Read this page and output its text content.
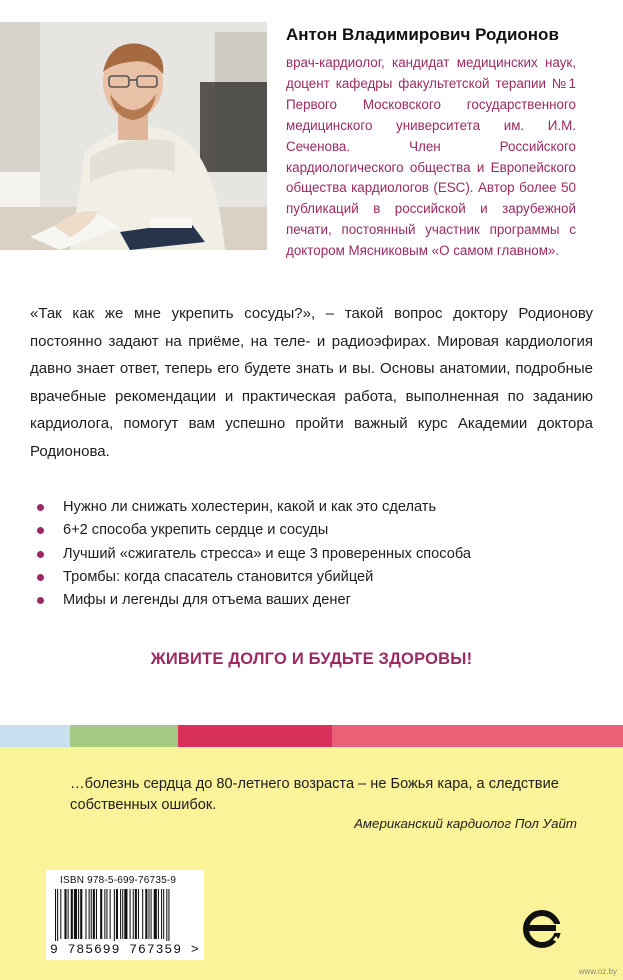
Антон Владимирович Родионов
врач-кардиолог, кандидат медицинских наук, доцент кафедры факультетской терапии №1 Первого Московского государственного медицинского университета им. И.М. Сеченова. Член Российского кардиологического общества и Европейского общества кардиологов (ESC). Автор более 50 публикаций в российской и зарубежной печати, постоянный участник программы с доктором Мясниковым «О самом главном».
«Так как же мне укрепить сосуды?», – такой вопрос доктору Родионову постоянно задают на приёме, на теле- и радиоэфирах. Мировая кардиология давно знает ответ, теперь его будете знать и вы. Основы анатомии, подробные врачебные рекомендации и практическая работа, выполненная по заданию кардиолога, помогут вам успешно пройти важный курс Академии доктора Родионова.
Нужно ли снижать холестерин, какой и как это сделать
6+2 способа укрепить сердце и сосуды
Лучший «сжигатель стресса» и еще 3 проверенных способа
Тромбы: когда спасатель становится убийцей
Мифы и легенды для отъема ваших денег
ЖИВИТЕ ДОЛГО И БУДЬТЕ ЗДОРОВЫ!
…болезнь сердца до 80-летнего возраста – не Божья кара, а следствие собственных ошибок.
Американский кардиолог Пол Уайт
ISBN 978-5-699-76735-9
9 785699 767359 >
www.oz.by
